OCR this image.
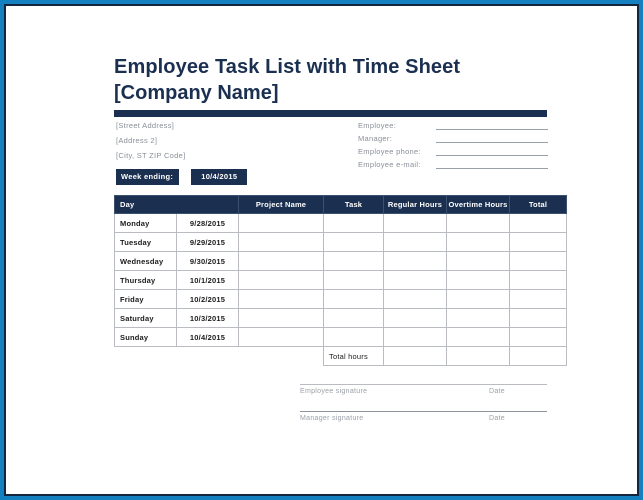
Employee Task List with Time Sheet
[Company Name]
[Street Address]
[Address 2]
[City, ST ZIP Code]
Week ending:	10/4/2015
Employee:
Manager:
Employee phone:
Employee e-mail:
Day		Project Name	Task	Regular Hours	Overtime Hours	Total
Monday	9/28/2015					
Tuesday	9/29/2015					
Wednesday	9/30/2015					
Thursday	10/1/2015					
Friday	10/2/2015					
Saturday	10/3/2015					
Sunday	10/4/2015					
			Total hours			
Employee signature	Date
Manager signature	Date
